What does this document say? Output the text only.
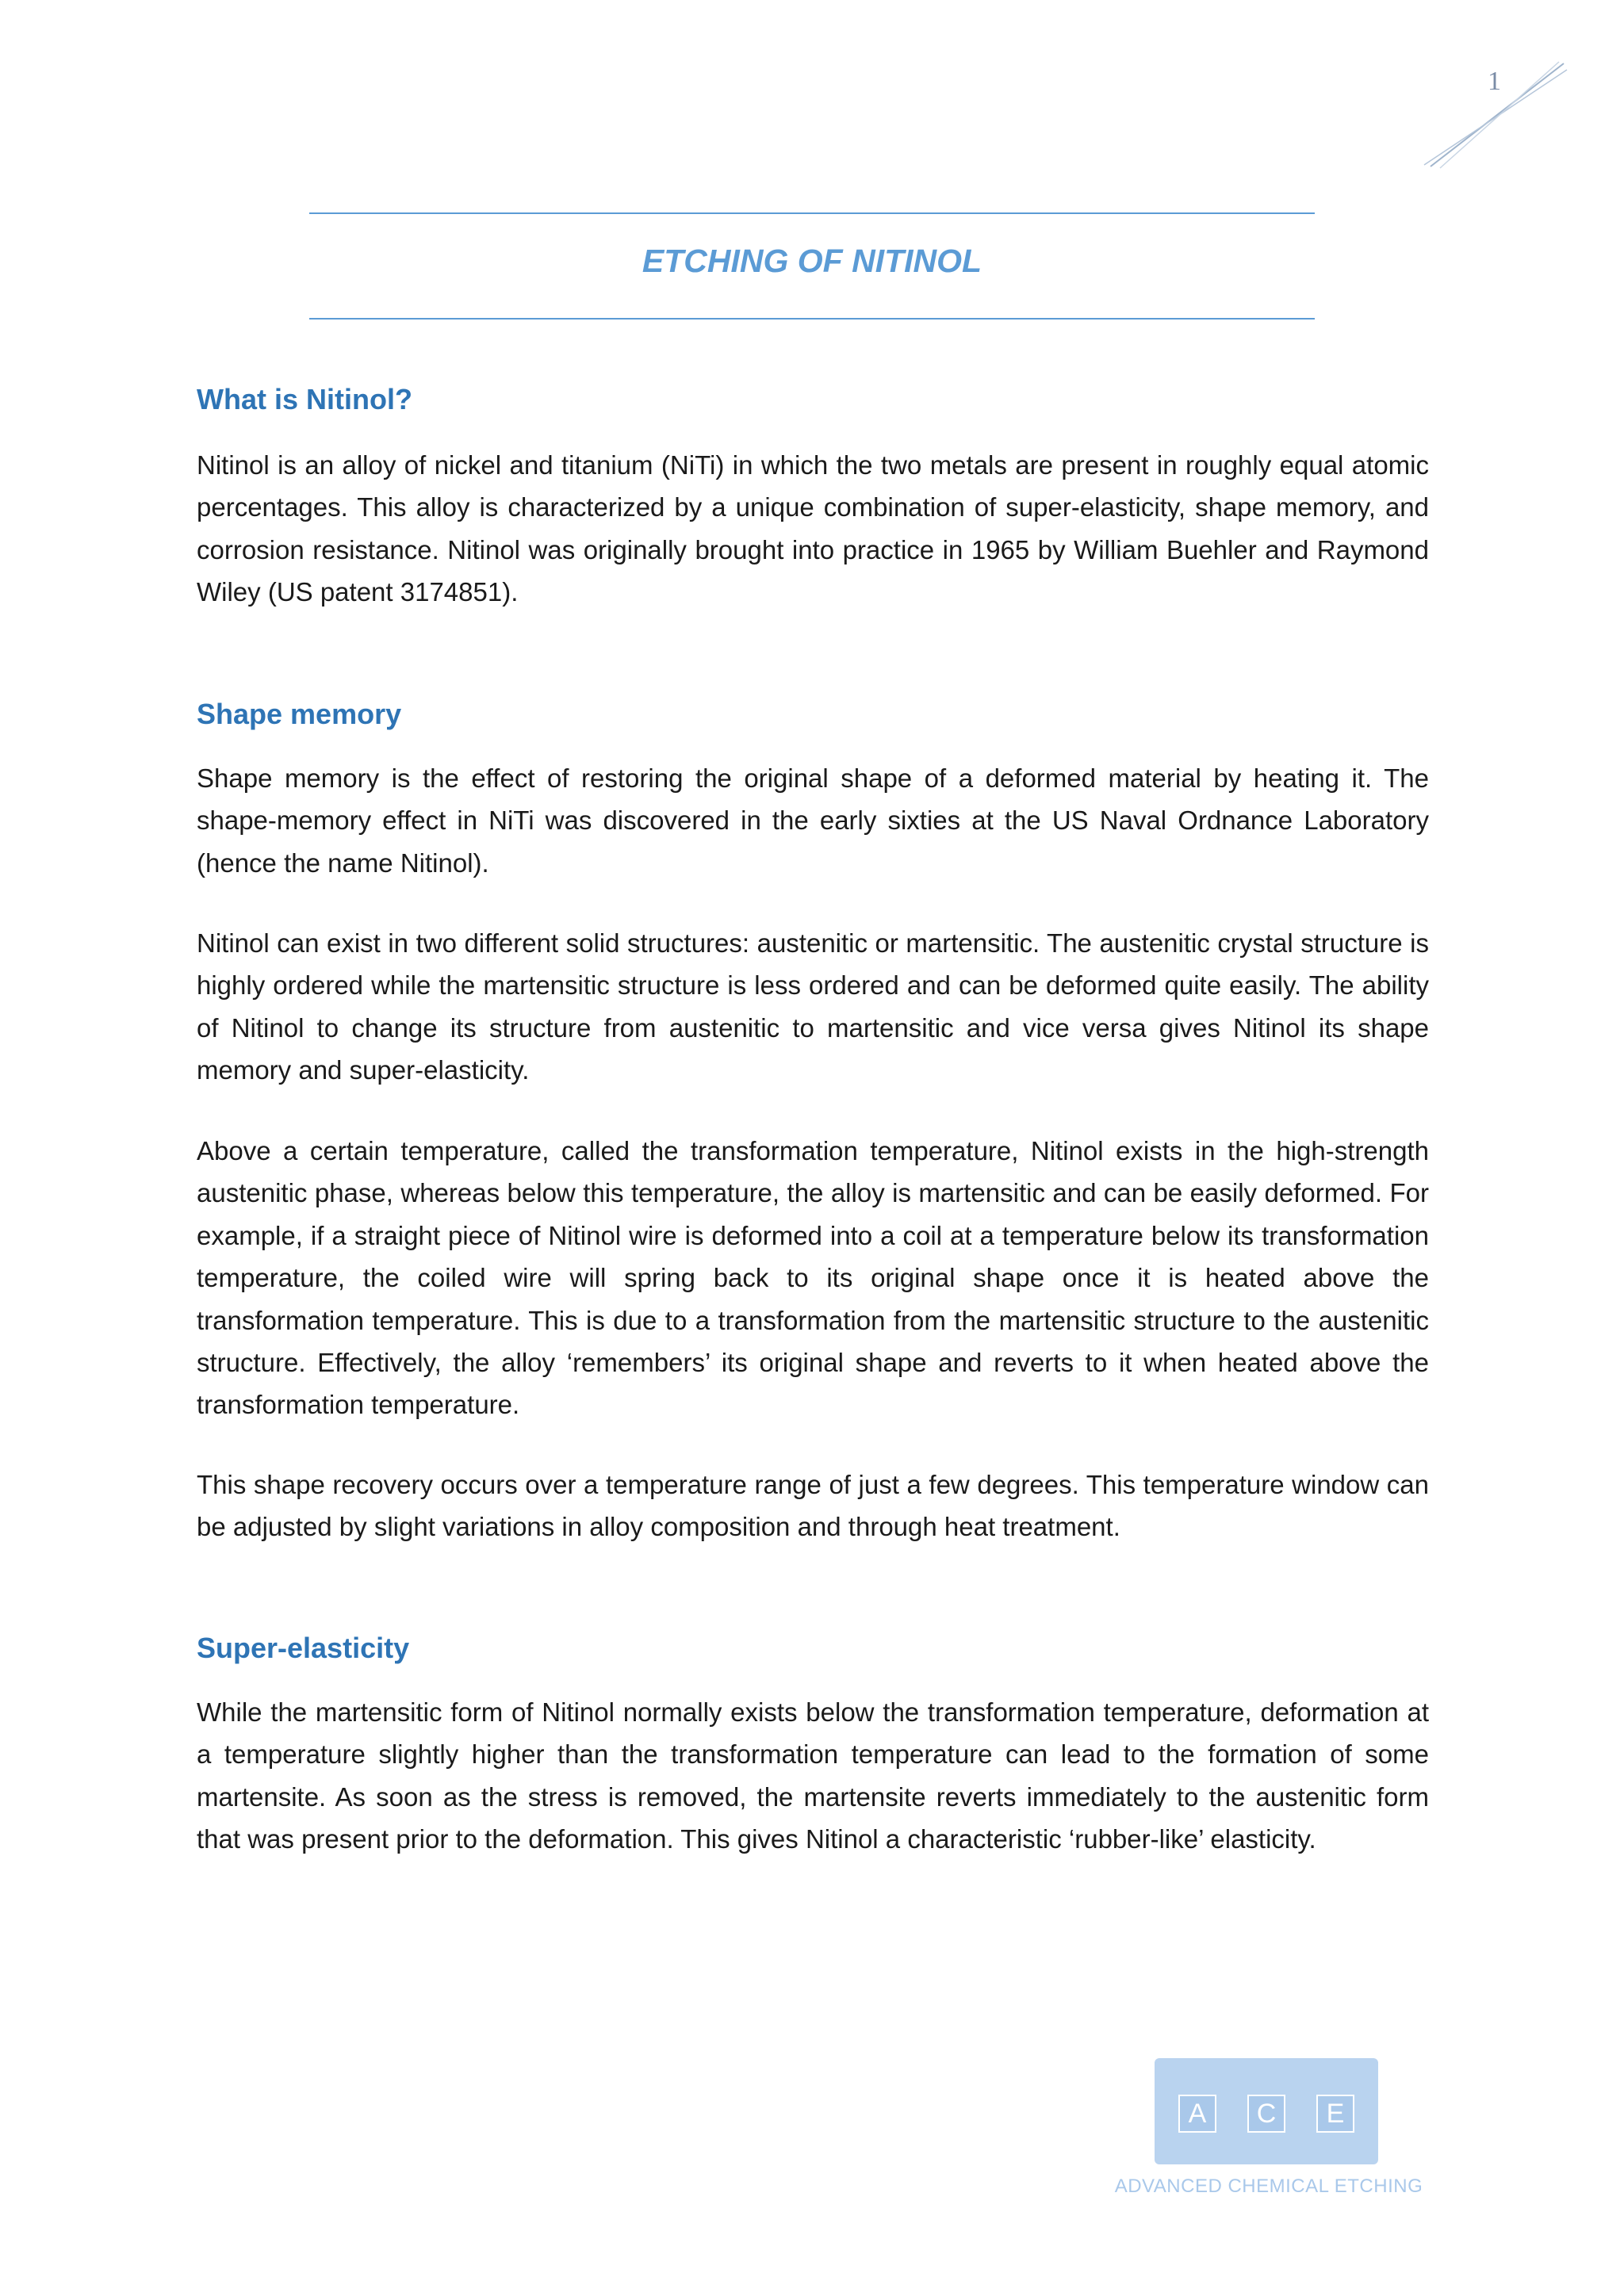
1
ETCHING OF NITINOL
What is Nitinol?

Nitinol is an alloy of nickel and titanium (NiTi) in which the two metals are present in roughly equal atomic percentages. This alloy is characterized by a unique combination of super-elasticity, shape memory, and corrosion resistance. Nitinol was originally brought into practice in 1965 by William Buehler and Raymond Wiley (US patent 3174851).

Shape memory

Shape memory is the effect of restoring the original shape of a deformed material by heating it. The shape-memory effect in NiTi was discovered in the early sixties at the US Naval Ordnance Laboratory (hence the name Nitinol).

Nitinol can exist in two different solid structures: austenitic or martensitic. The austenitic crystal structure is highly ordered while the martensitic structure is less ordered and can be deformed quite easily. The ability of Nitinol to change its structure from austenitic to martensitic and vice versa gives Nitinol its shape memory and super-elasticity.

Above a certain temperature, called the transformation temperature, Nitinol exists in the high-strength austenitic phase, whereas below this temperature, the alloy is martensitic and can be easily deformed. For example, if a straight piece of Nitinol wire is deformed into a coil at a temperature below its transformation temperature, the coiled wire will spring back to its original shape once it is heated above the transformation temperature. This is due to a transformation from the martensitic structure to the austenitic structure. Effectively, the alloy ‘remembers’ its original shape and reverts to it when heated above the transformation temperature.

This shape recovery occurs over a temperature range of just a few degrees. This temperature window can be adjusted by slight variations in alloy composition and through heat treatment.

Super-elasticity

While the martensitic form of Nitinol normally exists below the transformation temperature, deformation at a temperature slightly higher than the transformation temperature can lead to the formation of some martensite. As soon as the stress is removed, the martensite reverts immediately to the austenitic form that was present prior to the deformation. This gives Nitinol a characteristic ‘rubber-like’ elasticity.

A	C	E
ADVANCED CHEMICAL ETCHING
